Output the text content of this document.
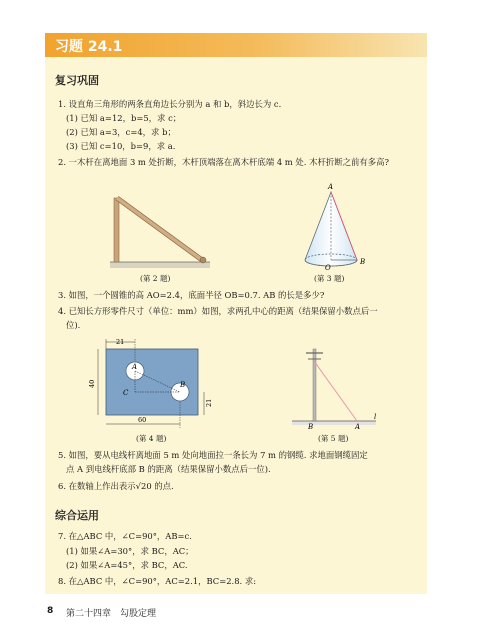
习题 24.1
复习巩固
1. 设直角三角形的两条直角边长分别为 a 和 b，斜边长为 c.
(1) 已知 a=12，b=5，求 c；
(2) 已知 a=3，c=4，求 b；
(3) 已知 c=10，b=9，求 a.
2. 一木杆在离地面 3 m 处折断，木杆顶端落在离木杆底端 4 m 处. 木杆折断之前有多高?
(第 2 题)
A
O
B
(第 3 题)
3. 如图，一个圆锥的高 AO=2.4，底面半径 OB=0.7. AB 的长是多少?
4. 已知长方形零件尺寸（单位：mm）如图，求两孔中心的距离（结果保留小数点后一
位).
21
40
60
21
A
B
C
(第 4 题)
B	A
l
(第 5 题)
5. 如图，要从电线杆离地面 5 m 处向地面拉一条长为 7 m 的钢缆. 求地面钢缆固定
点 A 到电线杆底部 B 的距离（结果保留小数点后一位).
6. 在数轴上作出表示√20 的点.
综合运用
7. 在△ABC 中，∠C=90°，AB=c.
(1) 如果∠A=30°，求 BC，AC；
(2) 如果∠A=45°，求 BC，AC.
8. 在△ABC 中，∠C=90°，AC=2.1，BC=2.8. 求:
8 第二十四章　勾股定理
